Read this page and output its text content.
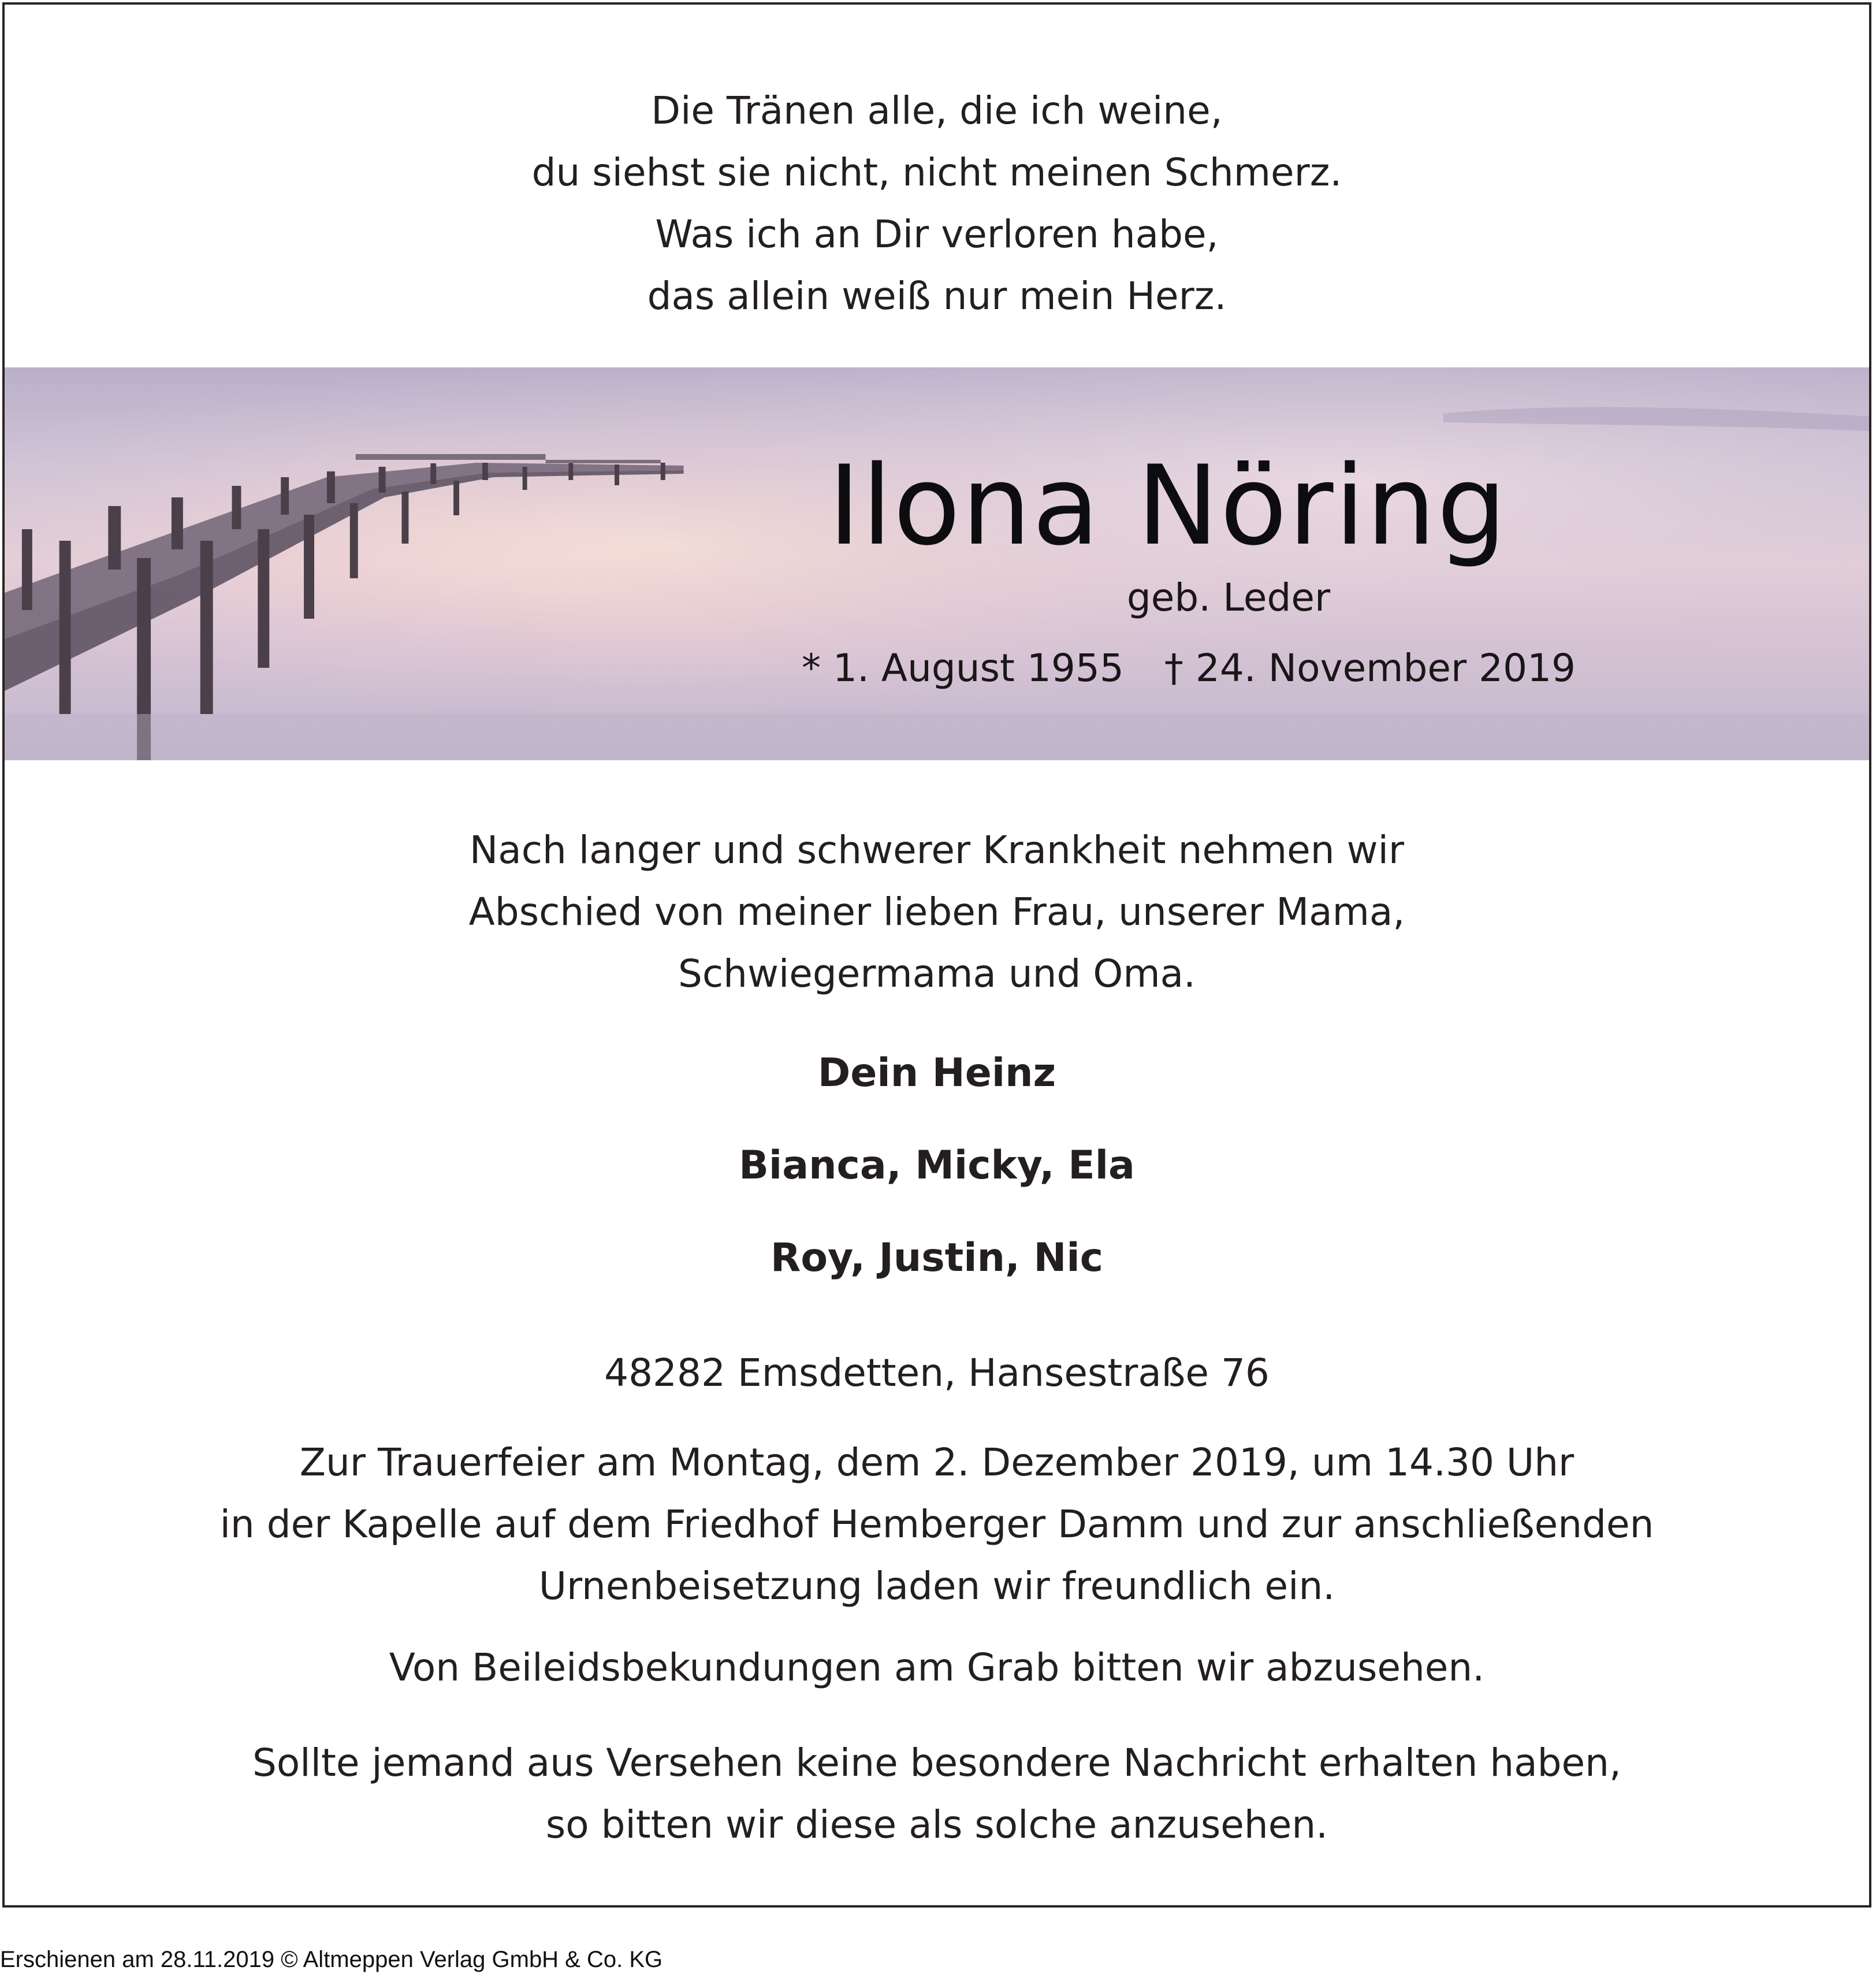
Die Tränen alle, die ich weine,
du siehst sie nicht, nicht meinen Schmerz.
Was ich an Dir verloren habe,
das allein weiß nur mein Herz.
Ilona Nöring
geb. Leder
* 1. August 1955 † 24. November 2019
Nach langer und schwerer Krankheit nehmen wir
Abschied von meiner lieben Frau, unserer Mama,
Schwiegermama und Oma.
Dein Heinz
Bianca, Micky, Ela
Roy, Justin, Nic
48282 Emsdetten, Hansestraße 76
Zur Trauerfeier am Montag, dem 2. Dezember 2019, um 14.30 Uhr
in der Kapelle auf dem Friedhof Hemberger Damm und zur anschließenden
Urnenbeisetzung laden wir freundlich ein.
Von Beileidsbekundungen am Grab bitten wir abzusehen.
Sollte jemand aus Versehen keine besondere Nachricht erhalten haben,
so bitten wir diese als solche anzusehen.
Erschienen am 28.11.2019 © Altmeppen Verlag GmbH & Co. KG
